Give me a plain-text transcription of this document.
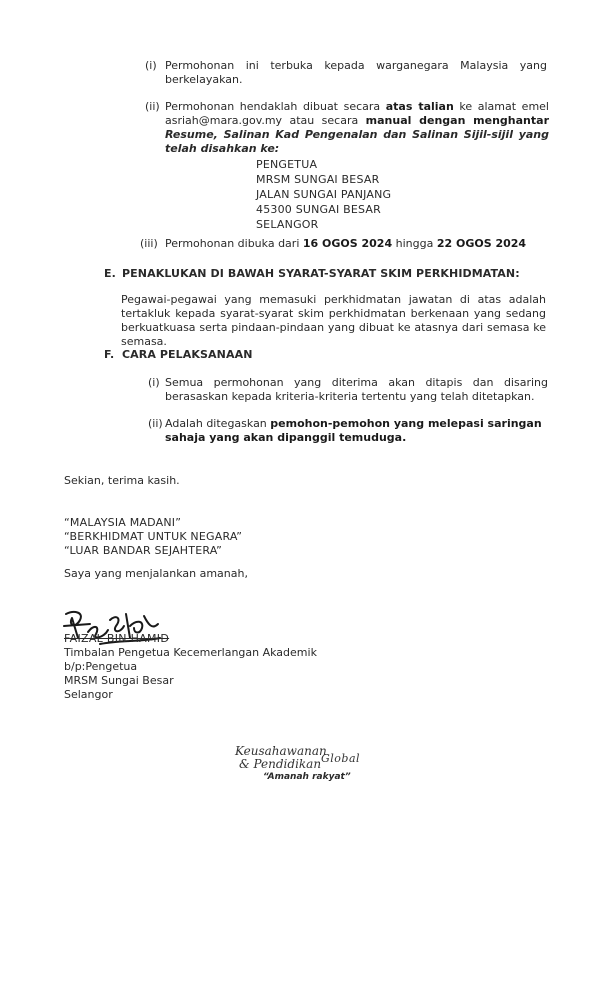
(i) Permohonan ini terbuka kepada warganegara Malaysia yang berkelayakan.
(ii) Permohonan hendaklah dibuat secara atas talian ke alamat emel asriah@mara.gov.my atau secara manual dengan menghantar Resume, Salinan Kad Pengenalan dan Salinan Sijil-sijil yang telah disahkan ke:
PENGETUA
MRSM SUNGAI BESAR
JALAN SUNGAI PANJANG
45300 SUNGAI BESAR
SELANGOR
(iii) Permohonan dibuka dari 16 OGOS 2024 hingga 22 OGOS 2024
E. PENAKLUKAN DI BAWAH SYARAT-SYARAT SKIM PERKHIDMATAN:
Pegawai-pegawai yang memasuki perkhidmatan jawatan di atas adalah tertakluk kepada syarat-syarat skim perkhidmatan berkenaan yang sedang berkuatkuasa serta pindaan-pindaan yang dibuat ke atasnya dari semasa ke semasa.
F. CARA PELAKSANAAN
(i) Semua permohonan yang diterima akan ditapis dan disaring berasaskan kepada kriteria-kriteria tertentu yang telah ditetapkan.
(ii) Adalah ditegaskan pemohon-pemohon yang melepasi saringan sahaja yang akan dipanggil temuduga.
Sekian, terima kasih.
“MALAYSIA MADANI”
“BERKHIDMAT UNTUK NEGARA”
“LUAR BANDAR SEJAHTERA”
Saya yang menjalankan amanah,
FAIZAL BIN HAMID
Timbalan Pengetua Kecemerlangan Akademik
b/p:Pengetua
MRSM Sungai Besar
Selangor
Keusahawanan
& Pendidikan Global
“Amanah rakyat”
